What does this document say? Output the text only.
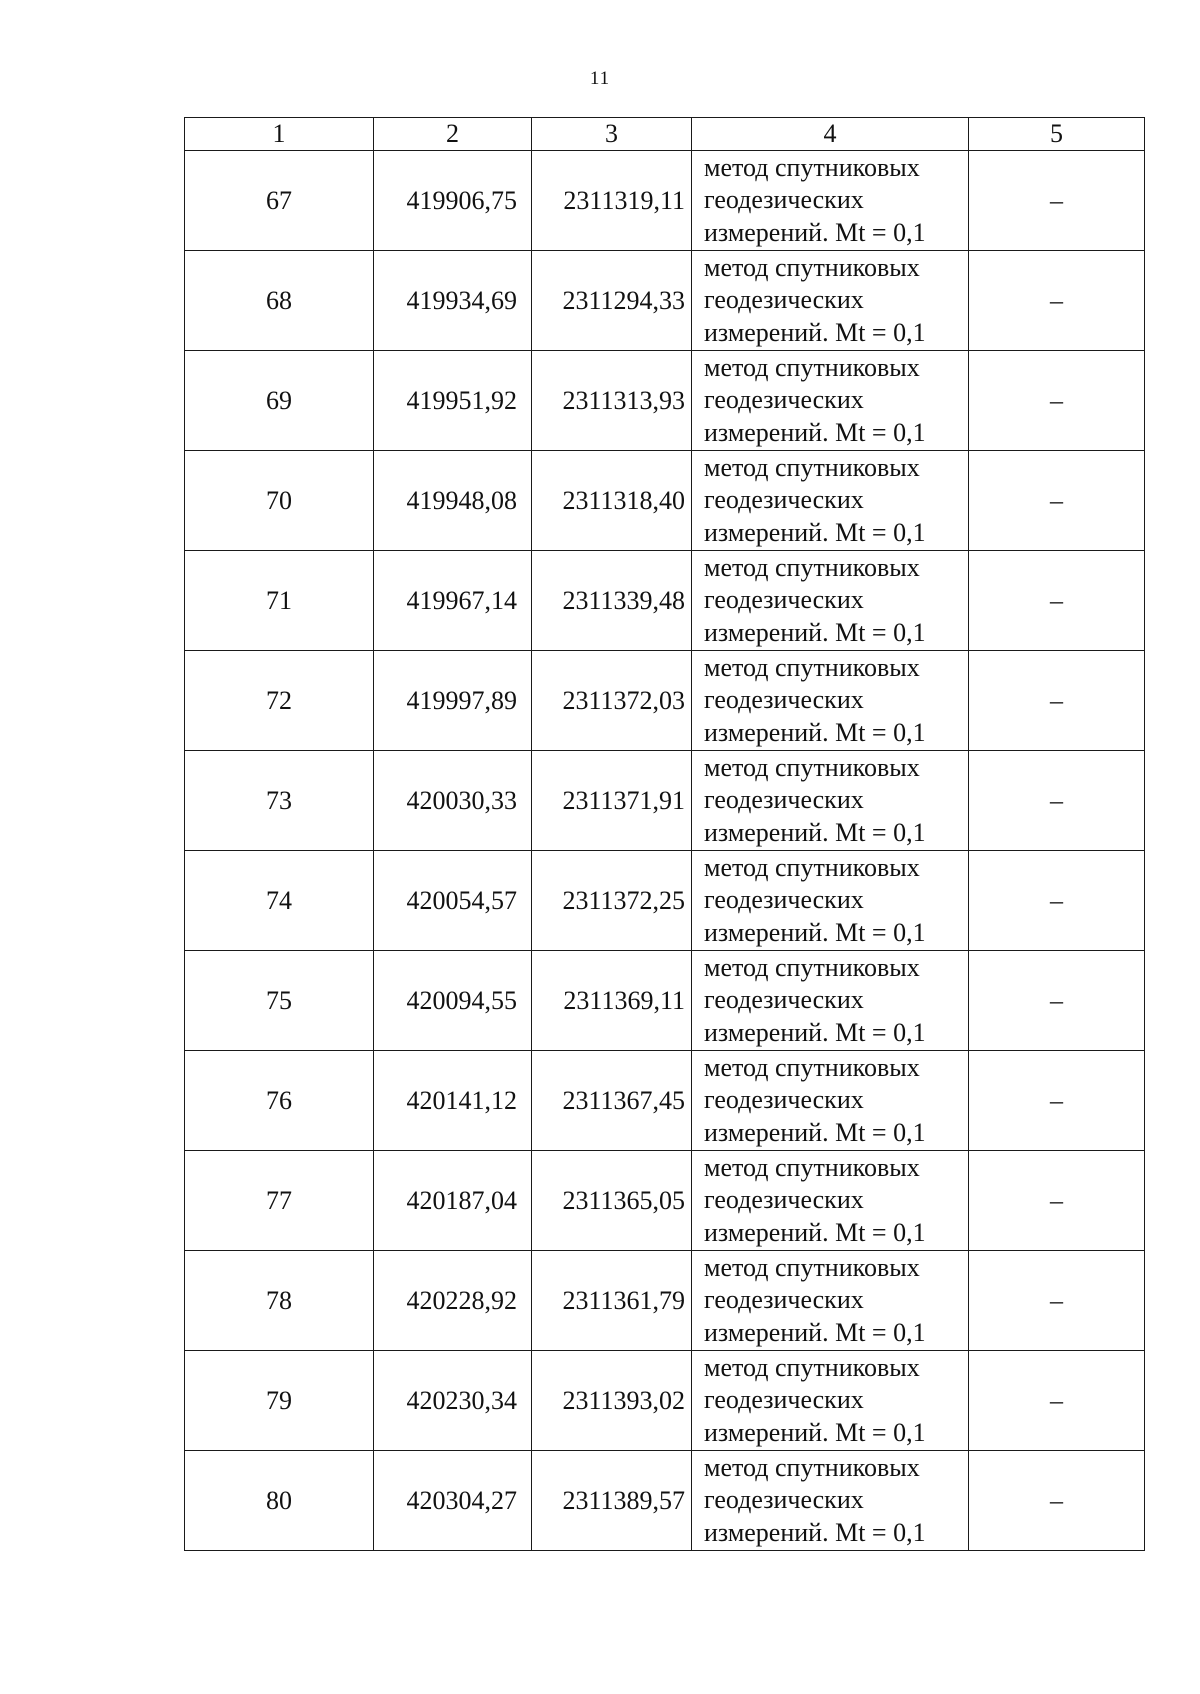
11
1	2	3	4	5
67	419906,75	2311319,11	метод спутниковых
геодезических
измерений. Mt = 0,1	–
68	419934,69	2311294,33	метод спутниковых
геодезических
измерений. Mt = 0,1	–
69	419951,92	2311313,93	метод спутниковых
геодезических
измерений. Mt = 0,1	–
70	419948,08	2311318,40	метод спутниковых
геодезических
измерений. Mt = 0,1	–
71	419967,14	2311339,48	метод спутниковых
геодезических
измерений. Mt = 0,1	–
72	419997,89	2311372,03	метод спутниковых
геодезических
измерений. Mt = 0,1	–
73	420030,33	2311371,91	метод спутниковых
геодезических
измерений. Mt = 0,1	–
74	420054,57	2311372,25	метод спутниковых
геодезических
измерений. Mt = 0,1	–
75	420094,55	2311369,11	метод спутниковых
геодезических
измерений. Mt = 0,1	–
76	420141,12	2311367,45	метод спутниковых
геодезических
измерений. Mt = 0,1	–
77	420187,04	2311365,05	метод спутниковых
геодезических
измерений. Mt = 0,1	–
78	420228,92	2311361,79	метод спутниковых
геодезических
измерений. Mt = 0,1	–
79	420230,34	2311393,02	метод спутниковых
геодезических
измерений. Mt = 0,1	–
80	420304,27	2311389,57	метод спутниковых
геодезических
измерений. Mt = 0,1	–
